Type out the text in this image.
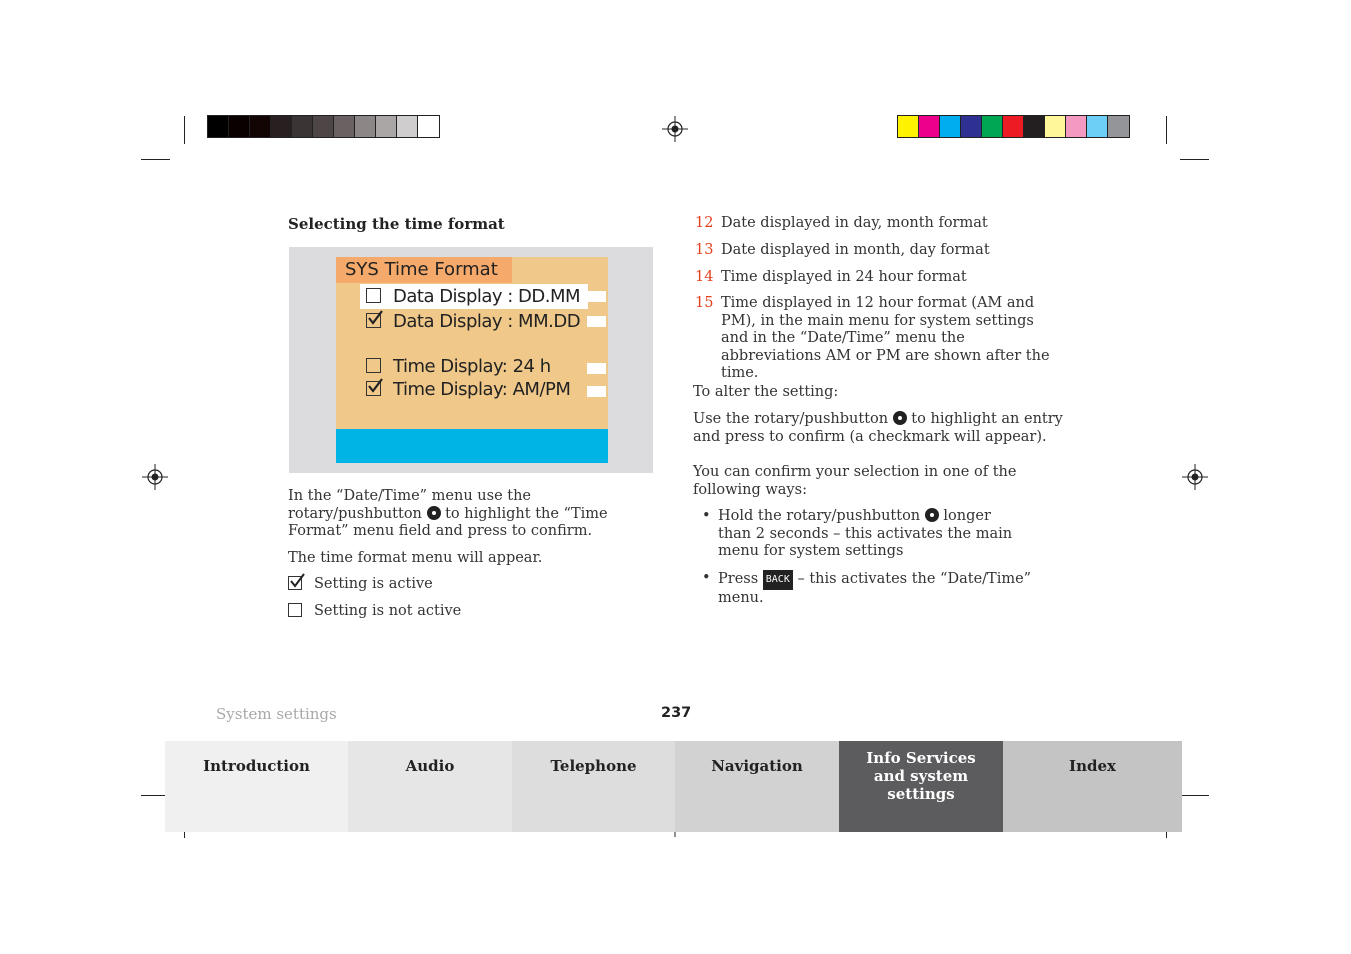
Selecting the time format
SYS Time Format
Data Display : DD.MM
Data Display : MM.DD
Time Display: 24 h
Time Display: AM/PM
In the “Date/Time” menu use the rotary/pushbutton  to highlight the “Time Format” menu field and press to confirm.
The time format menu will appear.
Setting is active
Setting is not active
12 Date displayed in day, month format
13 Date displayed in month, day format
14 Time displayed in 24 hour format
15 Time displayed in 12 hour format (AM and PM), in the main menu for system settings and in the “Date/Time” menu the abbreviations AM or PM are shown after the time.
To alter the setting:
Use the rotary/pushbutton  to highlight an entry and press to confirm (a checkmark will appear).
You can confirm your selection in one of the following ways:
• Hold the rotary/pushbutton  longer than 2 seconds – this activates the main menu for system settings
• Press BACK – this activates the “Date/Time” menu.
System settings	237
Introduction	Audio	Telephone	Navigation	Info Services and system settings
Index
